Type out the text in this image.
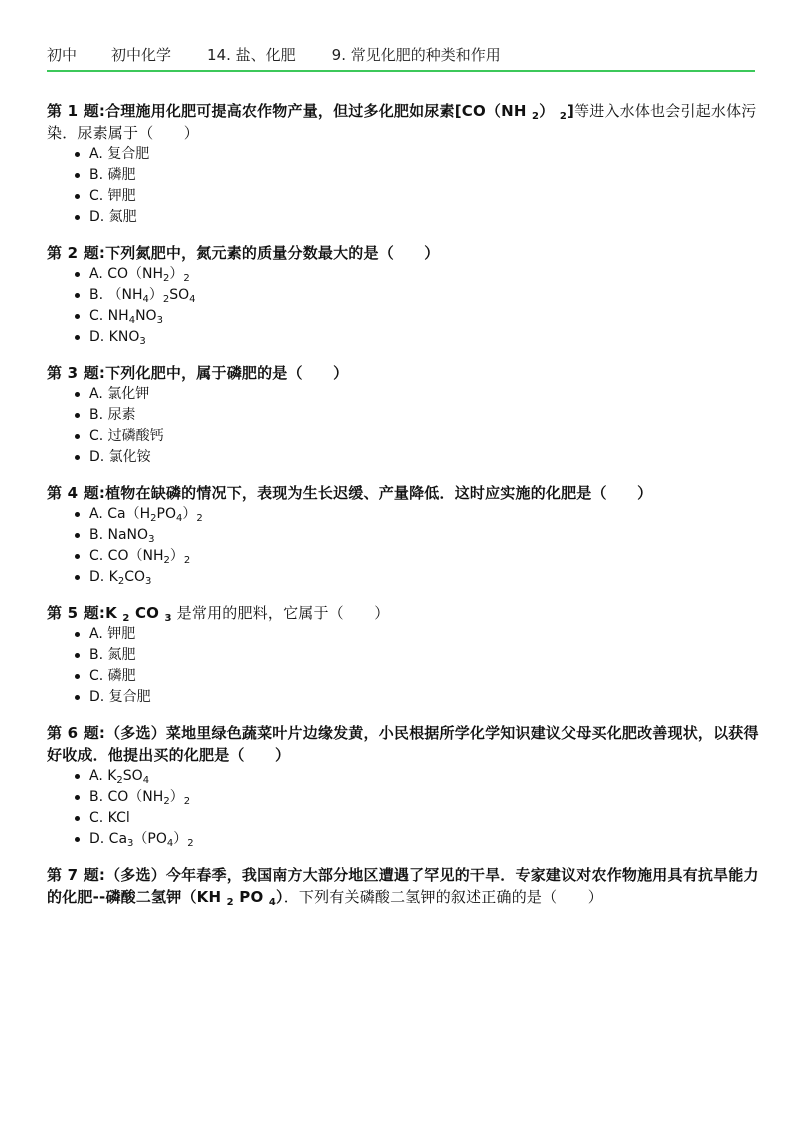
初中 初中化学 14. 盐、化肥 9. 常见化肥的种类和作用
第 1 题:合理施用化肥可提高农作物产量，但过多化肥如尿素[CO（NH $_2$） $_2$]等进入水体也会引起水体污染．尿素属于（　　）
A. 复合肥
B. 磷肥
C. 钾肥
D. 氮肥
第 2 题:下列氮肥中，氮元素的质量分数最大的是（　　）
A. $CO(NH_2)_2$
B. $(NH_4)_2SO_4$
C. $NH_4NO_3$
D. $KNO_3$
第 3 题:下列化肥中，属于磷肥的是（　　）
A. 氯化钾
B. 尿素
C. 过磷酸钙
D. 氯化铵
第 4 题:植物在缺磷的情况下，表现为生长迟缓、产量降低．这时应实施的化肥是（　　）
A. $Ca(H_2PO_4)_2$
B. NaNO$_3$
C. $CO(NH_2)_2$
D. $K_2CO_3$
第 5 题:K $_2$ CO $_3$ 是常用的肥料，它属于（　　）
A. 钾肥
B. 氮肥
C. 磷肥
D. 复合肥
第 6 题:（多选）菜地里绿色蔬菜叶片边缘发黄，小民根据所学化学知识建议父母买化肥改善现状，以获得好收成．他提出买的化肥是（　　）
A. $K_2SO_4$
B. $CO(NH_2)_2$
C. KCl
D. $Ca_3(PO_4)_2$
第 7 题:（多选）今年春季，我国南方大部分地区遭遇了罕见的干旱．专家建议对农作物施用具有抗旱能力的化肥--磷酸二氢钾（KH $_2$ PO $_4$）．下列有关磷酸二氢钾的叙述正确的是（　　）
